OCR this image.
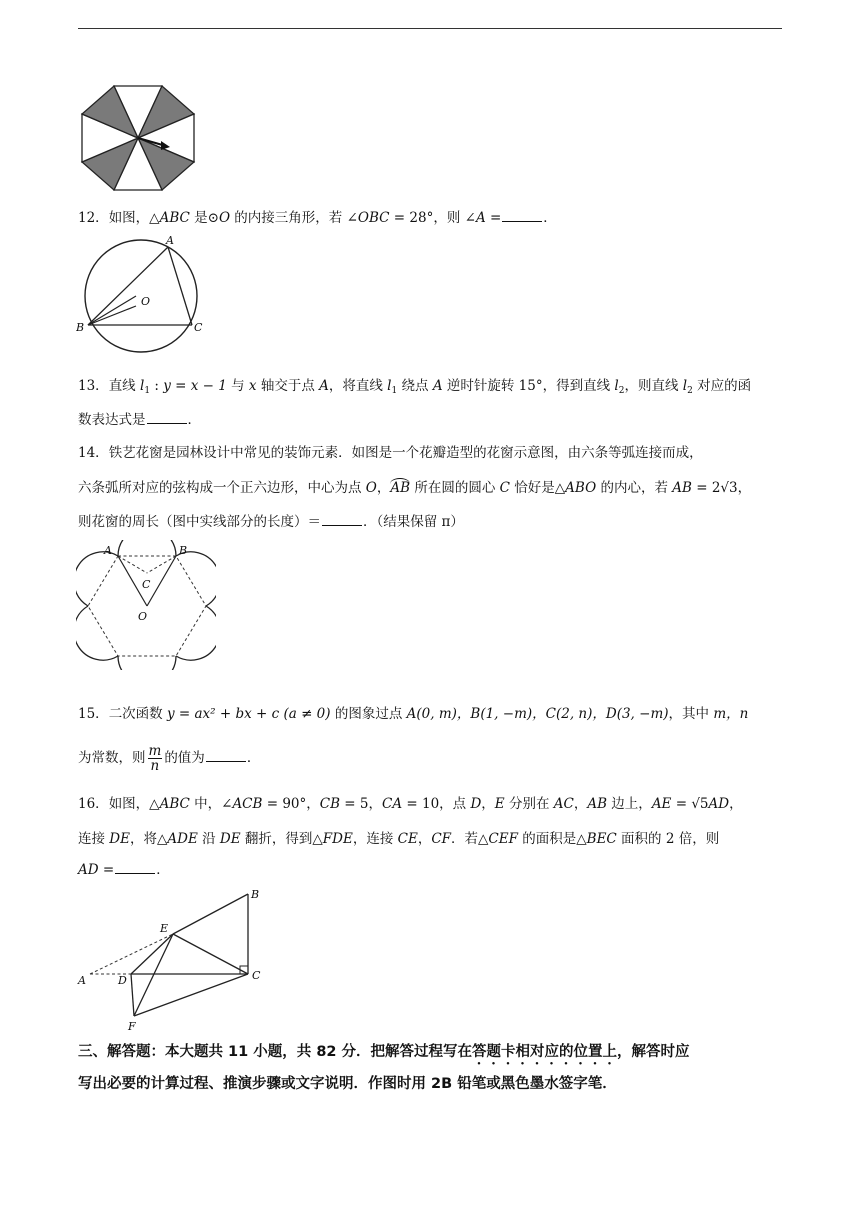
12．如图，△ABC 是⊙O 的内接三角形，若 ∠OBC = 28°，则 ∠A =	．
A
B	C
O
13．直线 $l_1$ : y = x − 1 与 x 轴交于点 A，将直线 $l_1$ 绕点 A 逆时针旋转 15°，得到直线 $l_2$，则直线 $l_2$ 对应的函
数表达式是	．
14．铁艺花窗是园林设计中常见的装饰元素．如图是一个花瓣造型的花窗示意图，由六条等弧连接而成，
六条弧所对应的弦构成一个正六边形，中心为点 O，AB 所在圆的圆心 C 恰好是△ABO 的内心，若 AB = 2√3，
则花窗的周长（图中实线部分的长度）＝	．（结果保留 π）
A	B
C
O
15．二次函数 y = ax² + bx + c (a ≠ 0) 的图象过点 A(0, m)，B(1, −m)，C(2, n)，D(3, −m)，其中 m，n
为常数，则 $\frac{m}{n}$ 的值为	．
16．如图，△ABC 中，∠ACB = 90°，CB = 5，CA = 10，点 D，E 分别在 AC，AB 边上，AE = √5AD，
连接 DE，将△ADE 沿 DE 翻折，得到△FDE，连接 CE，CF．若△CEF 的面积是△BEC 面积的 2 倍，则
AD =	．
A
B
C
D
E
F
三、解答题：本大题共 11 小题，共 82 分．把解答过程写在答题卡相对应的位置上，解答时应
写出必要的计算过程、推演步骤或文字说明．作图时用 2B 铅笔或黑色墨水签字笔．
